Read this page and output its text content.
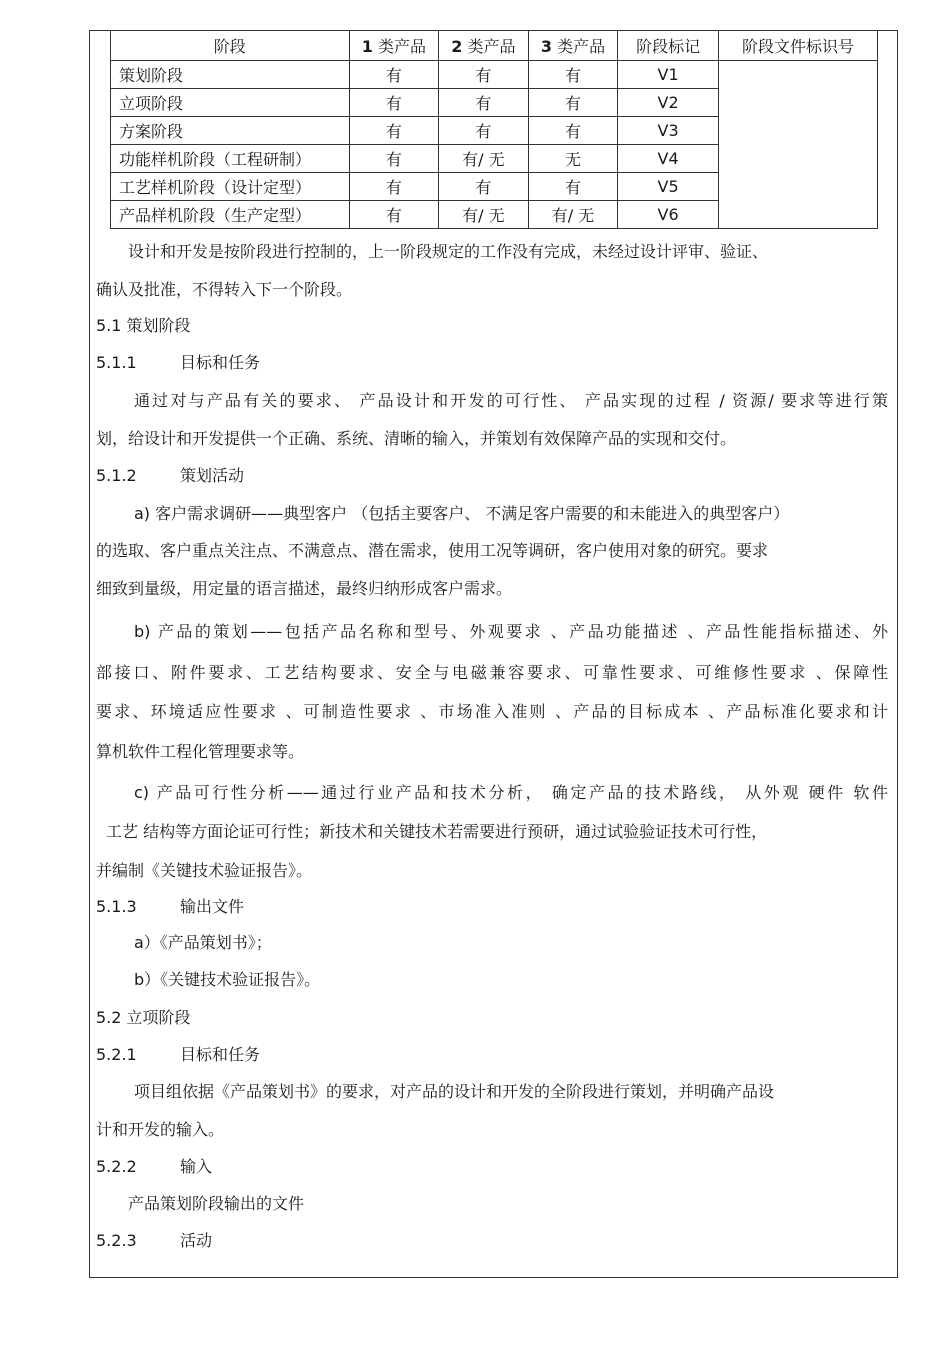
阶段	1 类产品	2 类产品	3 类产品	阶段标记	阶段文件标识号
策划阶段	有	有	有	V1	
立项阶段	有	有	有	V2	
方案阶段	有	有	有	V3	
功能样机阶段（工程研制）	有	有/ 无	无	V4	
工艺样机阶段（设计定型）	有	有	有	V5	
产品样机阶段（生产定型）	有	有/ 无	有/ 无	V6	
设计和开发是按阶段进行控制的，上一阶段规定的工作没有完成，未经过设计评审、验证、
确认及批准，不得转入下一个阶段。
5.1 策划阶段
5.1.1	目标和任务
通过对与产品有关的要求、 产品设计和开发的可行性、 产品实现的过程 / 资源/ 要求等进行策
划，给设计和开发提供一个正确、系统、清晰的输入，并策划有效保障产品的实现和交付。
5.1.2	策划活动
a) 客户需求调研——典型客户 （包括主要客户、 不满足客户需要的和未能进入的典型客户）
的选取、客户重点关注点、不满意点、潜在需求，使用工况等调研，客户使用对象的研究。要求
细致到量级，用定量的语言描述，最终归纳形成客户需求。
b) 产品的策划——包括产品名称和型号、外观要求 、产品功能描述 、产品性能指标描述、外
部接口、附件要求、工艺结构要求、安全与电磁兼容要求、可靠性要求、可维修性要求 、保障性
要求、环境适应性要求 、可制造性要求 、市场准入准则 、产品的目标成本 、产品标准化要求和计
算机软件工程化管理要求等。
c) 产品可行性分析——通过行业产品和技术分析， 确定产品的技术路线， 从外观 硬件 软件
工艺 结构等方面论证可行性；新技术和关键技术若需要进行预研，通过试验验证技术可行性，
并编制《关键技术验证报告》。
5.1.3	输出文件
a）《产品策划书》；
b）《关键技术验证报告》。
5.2 立项阶段
5.2.1	目标和任务
项目组依据《产品策划书》的要求，对产品的设计和开发的全阶段进行策划，并明确产品设
计和开发的输入。
5.2.2	输入
产品策划阶段输出的文件
5.2.3	活动
